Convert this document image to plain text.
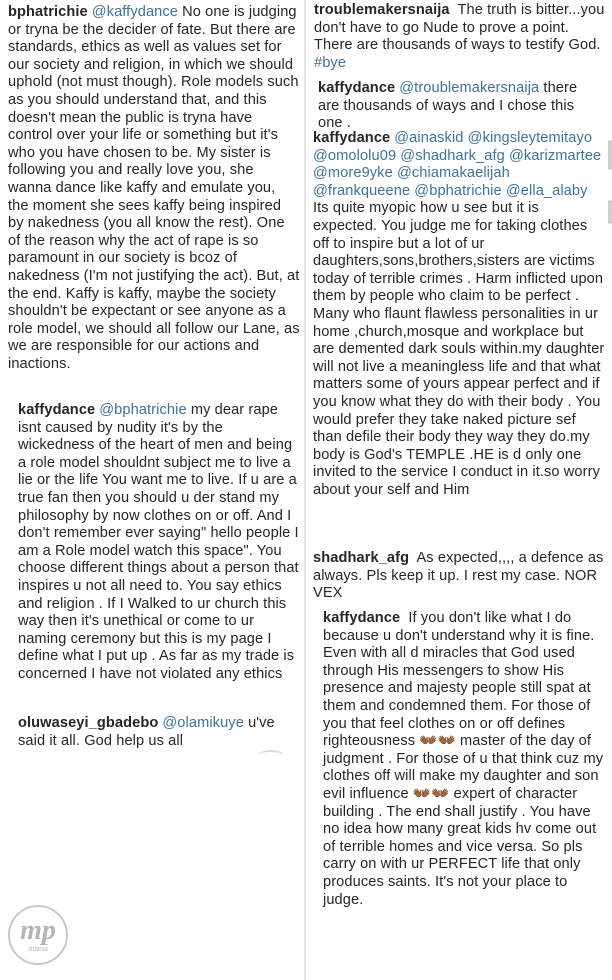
bphatrichie @kaffydance No one is judging or tryna be the decider of fate. But there are standards, ethics as well as values set for our society and religion, in which we should uphold (not must though). Role models such as you should understand that, and this doesn't mean the public is tryna have control over your life or something but it's who you have chosen to be. My sister is following you and really love you, she wanna dance like kaffy and emulate you, the moment she sees kaffy being inspired by nakedness (you all know the rest). One of the reason why the act of rape is so paramount in our society is bcoz of nakedness (I'm not justifying the act). But, at the end. Kaffy is kaffy, maybe the society shouldn't be expectant or see anyone as a role model, we should all follow our Lane, as we are responsible for our actions and inactions.
kaffydance @bphatrichie my dear rape isnt caused by nudity it's by the wickedness of the heart of men and being a role model shouldnt subject me to live a lie or the life You want me to live. If u are a true fan then you should u der stand my philosophy by now clothes on or off. And I don't remember ever saying" hello people I am a Role model watch this space". You choose different things about a person that inspires u not all need to. You say ethics and religion . If I Walked to ur church this way then it's unethical or come to ur naming ceremony but this is my page I define what I put up . As far as my trade is concerned I have not violated any ethics
oluwaseyi_gbadebo @olamikuye u've said it all. God help us all
mp
mania
troublemakersnaija The truth is bitter...you don't have to go Nude to prove a point. There are thousands of ways to testify God. #bye
kaffydance @troublemakersnaija there are thousands of ways and I chose this one .
kaffydance @ainaskid @kingsleytemitayo @omololu09 @shadhark_afg @karizmartee @more9yke @chiamakaelijah @frankqueene @bphatrichie @ella_alaby Its quite myopic how u see but it is expected. You judge me for taking clothes off to inspire but a lot of ur daughters,sons,brothers,sisters are victims today of terrible crimes . Harm inflicted upon them by people who claim to be perfect . Many who flaunt flawless personalities in ur home ,church,mosque and workplace but are demented dark souls within.my daughter will not live a meaningless life and that what matters some of yours appear perfect and if you know what they do with their body . You would prefer they take naked picture sef than defile their body they way they do.my body is God's TEMPLE .HE is d only one invited to the service I conduct in it.so worry about your self and Him
shadhark_afg As expected,,,, a defence as always. Pls keep it up. I rest my case. NOR VEX
kaffydance If you don't like what I do because u don't understand why it is fine. Even with all d miracles that God used through His messengers to show His presence and majesty people still spat at them and condemned them. For those of you that feel clothes on or off defines righteousness 👐🏾👐🏾 master of the day of judgment . For those of u that think cuz my clothes off will make my daughter and son evil influence 👐🏾👐🏾 expert of character building . The end shall justify . You have no idea how many great kids hv come out of terrible homes and vice versa. So pls carry on with ur PERFECT life that only produces saints. It's not your place to judge.
